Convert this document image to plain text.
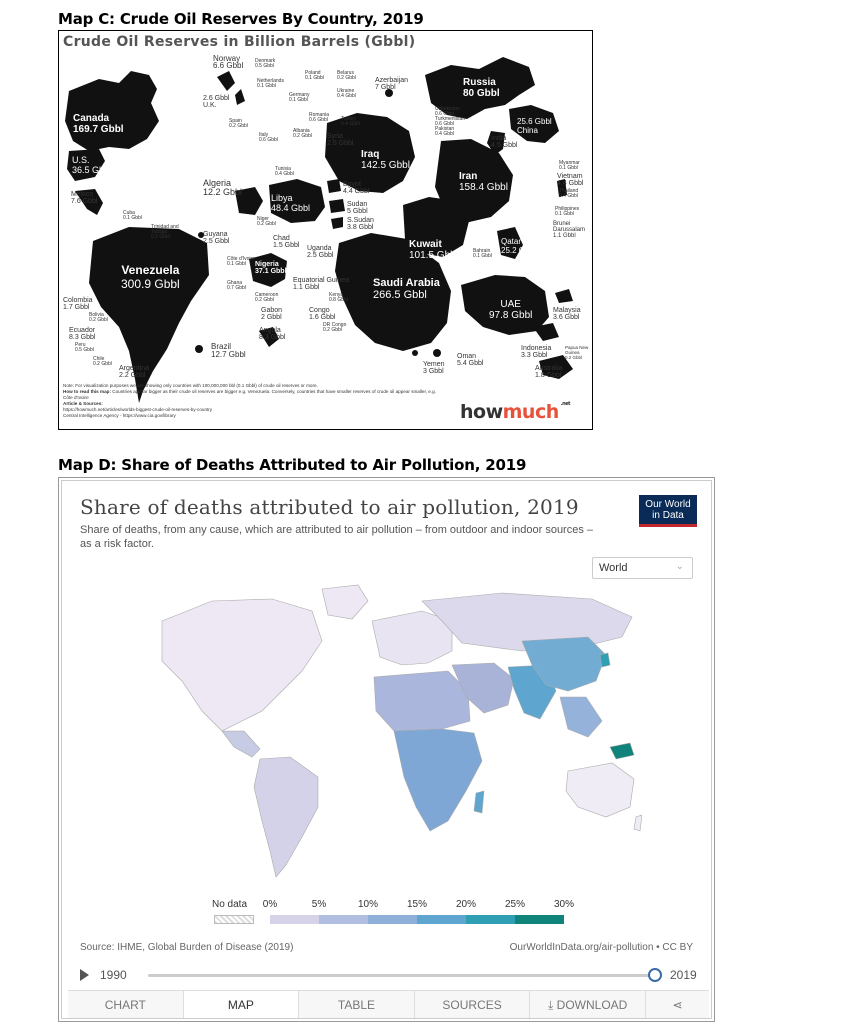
Map C: Crude Oil Reserves By Country, 2019
Crude Oil Reserves in Billion Barrels (Gbbl)
Canada
169.7 Gbbl
U.S.
36.5 Gbbl
Venezuela
300.9 Gbbl
Russia
80 Gbbl
Iraq
142.5 Gbbl
Iran
158.4 Gbbl
Kuwait
101.5 Gbbl
Saudi Arabia
266.5 Gbbl
UAE
97.8 Gbbl
25.6 Gbbl
China
Libya
48.4 Gbbl
Nigeria
37.1 Gbbl
Qatar
25.2 Gbbl
Norway
6.6 Gbbl Denmark
0.5 Gbbl
2.6 Gbbl
U.K.
Netherlands
0.1 Gbbl
Poland
0.1 Gbbl
Belarus
0.2 Gbbl
Germany
0.1 Gbbl
Ukraine
0.4 Gbbl
Spain
0.2 Gbbl
Italy
0.6 Gbbl
Albania
0.2 Gbbl
Romania
0.6 Gbbl	Turkey
0.4 Gbbl
Azerbaijan
7 Gbbl
Uzbekistan
0.6 Gbbl
Turkmenistan
0.6 Gbbl
Pakistan
0.4 Gbbl
India
4.5 Gbbl
Syria
2.5 Gbbl
Bahrain
0.1 Gbbl
Oman
5.4 Gbbl
Yemen
3 Gbbl
Tunisia
0.4 Gbbl
Algeria
12.2 Gbbl
Egypt
4.4 Gbbl
Sudan
5 Gbbl
S.Sudan
3.8 Gbbl
Niger
0.2 Gbbl
Chad
1.5 Gbbl Uganda
2.5 Gbbl
Côte d'Ivoire
0.1 Gbbl
Ghana
0.7 Gbbl
Cameroon
0.2 Gbbl
Equatorial Guinea
1.1 Gbbl
Kenya
0.8 Gbbl
Gabon
2 Gbbl
Congo
1.6 Gbbl
DR Congo
0.2 Gbbl
Angola
8.3 Gbbl
Myanmar
0.1 Gbbl
Vietnam
4.4 Gbbl
Thailand
0.4 Gbbl
Philippines
0.1 Gbbl
Brunei Darussalam
1.1 Gbbl
Malaysia
3.6 Gbbl
Indonesia
3.3 Gbbl
Papua New Guinea
0.2 Gbbl
Australia
1.8 Gbbl
Mexico
7.6 Gbbl
Cuba
0.1 Gbbl
Trinidad and Tobago
0.2 Gbbl	Guyana
2.5 Gbbl
Colombia
1.7 Gbbl
Bolivia
0.2 Gbbl
Ecuador
8.3 Gbbl
Peru
0.5 Gbbl
Chile
0.2 Gbbl
Argentina
2.2 Gbbl
Brazil
12.7 Gbbl
Note: For visualization purposes we are showing only countries with 100,000,000 bbl (0.1 Gbbl) of crude oil reserves or more.
How to read this map: Countries appear bigger as their crude oil reserves are bigger e.g. Venezuela. Conversely, countries that have smaller reserves of crude oil appear smaller, e.g. Côte d'Ivoire
Article & Sources:
https://howmuch.net/articles/worlds-biggest-crude-oil-reserves-by-country
Central Intelligence Agency - https://www.cia.gov/library	howmuch $^{.net}$
Map D: Share of Deaths Attributed to Air Pollution, 2019
Share of deaths attributed to air pollution, 2019
Share of deaths, from any cause, which are attributed to air pollution – from outdoor and indoor sources – as a risk factor.
Our World
in Data
World	⌄
No data 0%	5%	10%	15%	20%	25%	30%
Source: IHME, Global Burden of Disease (2019)	OurWorldInData.org/air-pollution • CC BY
1990	2019
CHART	MAP	TABLE	SOURCES	⤓ DOWNLOAD	⋖
